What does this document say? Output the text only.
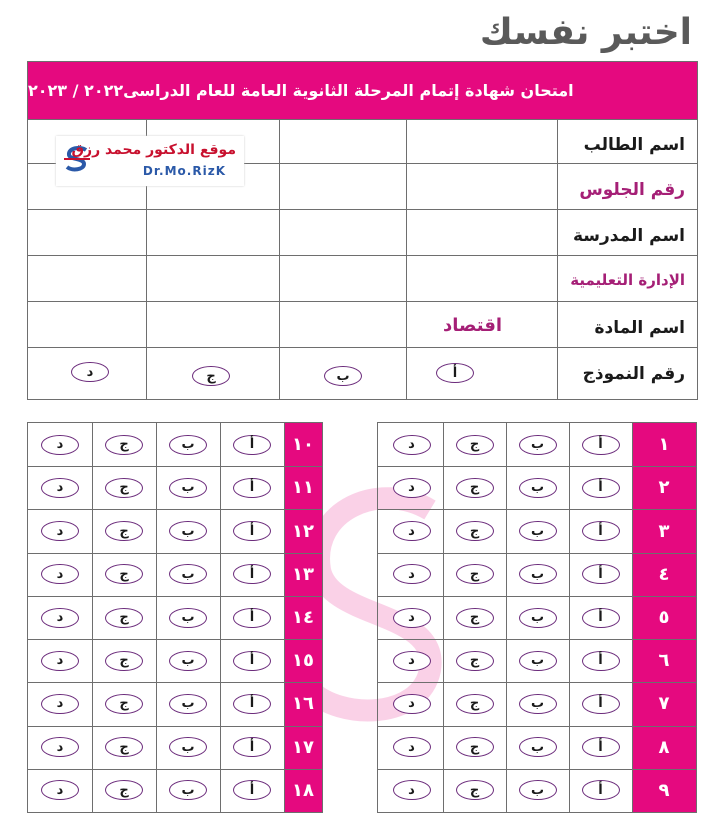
اختبر نفسك
امتحان شهادة إتمام المرحلة الثانوية العامة للعام الدراسى٢٠٢٢ / ٢٠٢٣
اسم الطالب
رقم الجلوس
اسم المدرسة
الإدارة التعليمية
اسم المادة
اقتصاد
رقم النموذج
أ
ب
ج
د
موقع الدكتور محمد رزق
Dr.Mo.RizK
١٠
أ
ب
ج
د
١١
أ
ب
ج
د
١٢
أ
ب
ج
د
١٣
أ
ب
ج
د
١٤
أ
ب
ج
د
١٥
أ
ب
ج
د
١٦
أ
ب
ج
د
١٧
أ
ب
ج
د
١٨
أ
ب
ج
د
١
أ
ب
ج
د
٢
أ
ب
ج
د
٣
أ
ب
ج
د
٤
أ
ب
ج
د
٥
أ
ب
ج
د
٦
أ
ب
ج
د
٧
أ
ب
ج
د
٨
أ
ب
ج
د
٩
أ
ب
ج
د
